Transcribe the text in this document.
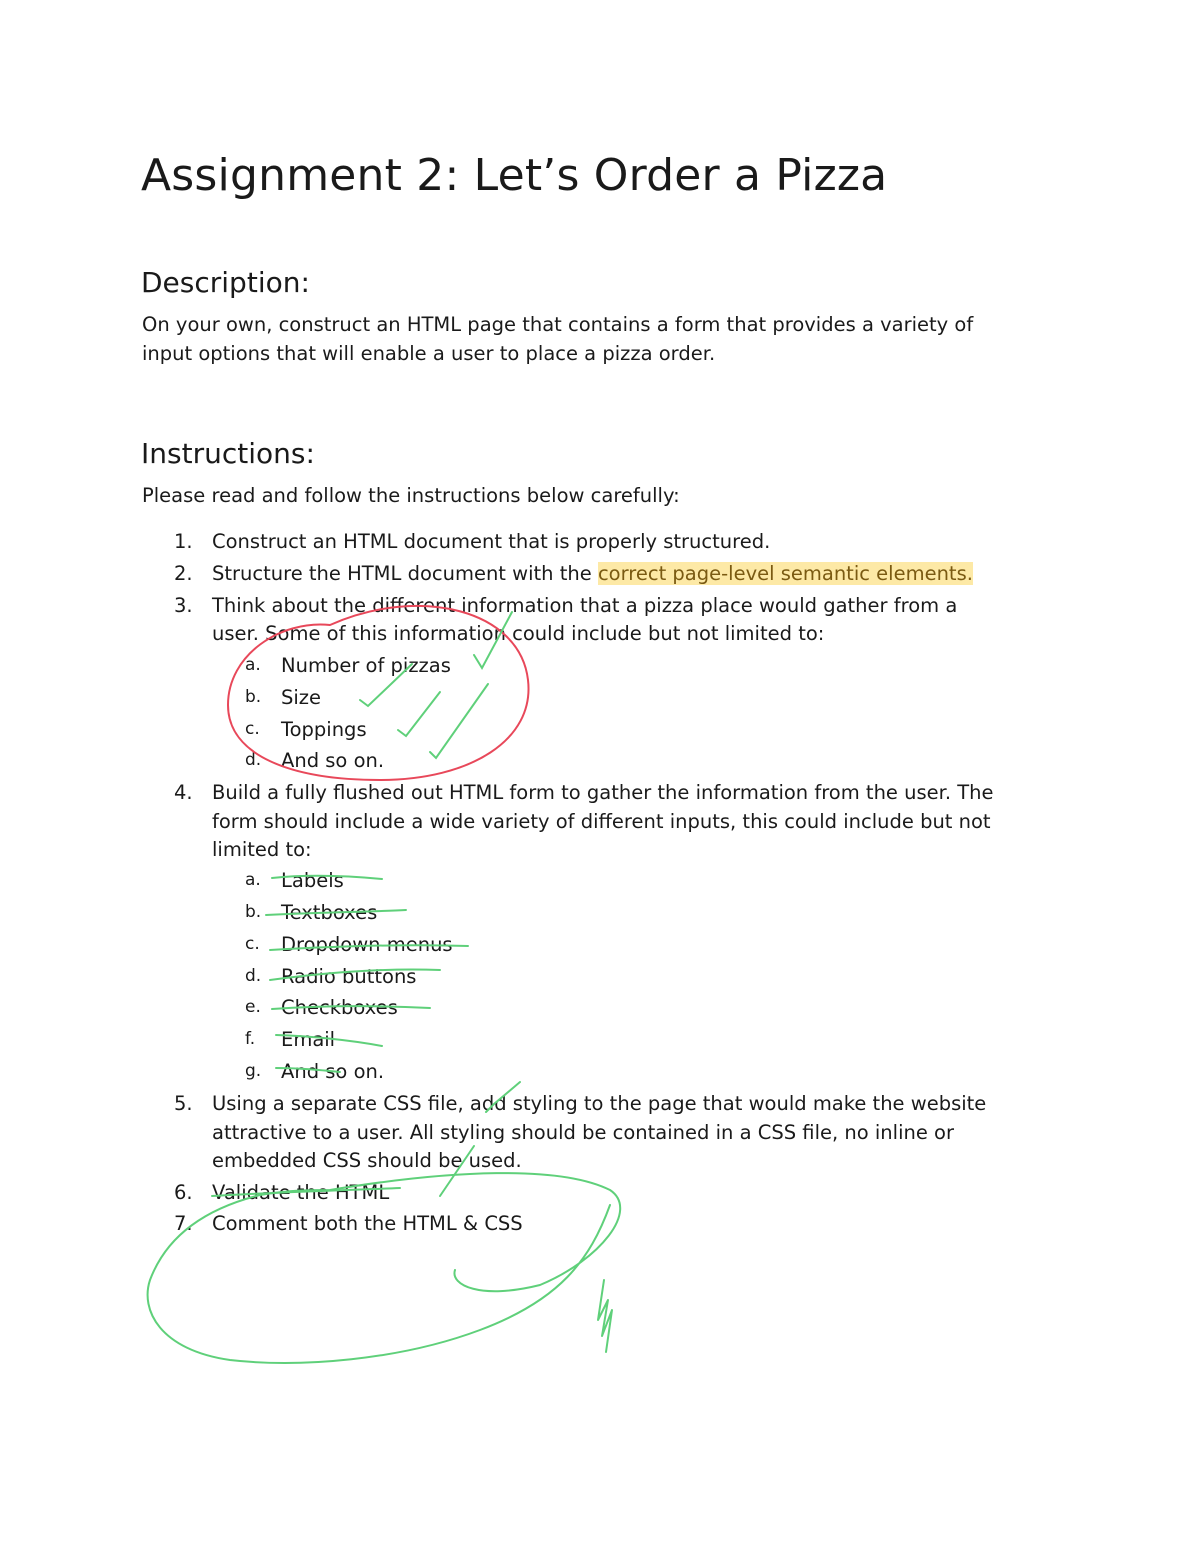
Assignment 2: Let’s Order a Pizza
Description:

On your own, construct an HTML page that contains a form that provides a variety of
input options that will enable a user to place a pizza order.

Instructions:

Please read and follow the instructions below carefully:

1. Construct an HTML document that is properly structured.
2. Structure the HTML document with the correct page-level semantic elements.
3. Think about the different information that a pizza place would gather from a
user. Some of this information could include but not limited to:
a.	Number of pizzas
b.	Size
c.	Toppings
d.	And so on.
4. Build a fully flushed out HTML form to gather the information from the user. The
form should include a wide variety of different inputs, this could include but not
limited to:
a.	Labels
b.	Textboxes
c.	Dropdown menus
d.	Radio buttons
e.	Checkboxes
f.	Email
g.	And so on.
5. Using a separate CSS file, add styling to the page that would make the website
attractive to a user. All styling should be contained in a CSS file, no inline or
embedded CSS should be used.
6. Validate the HTML
7. Comment both the HTML & CSS
